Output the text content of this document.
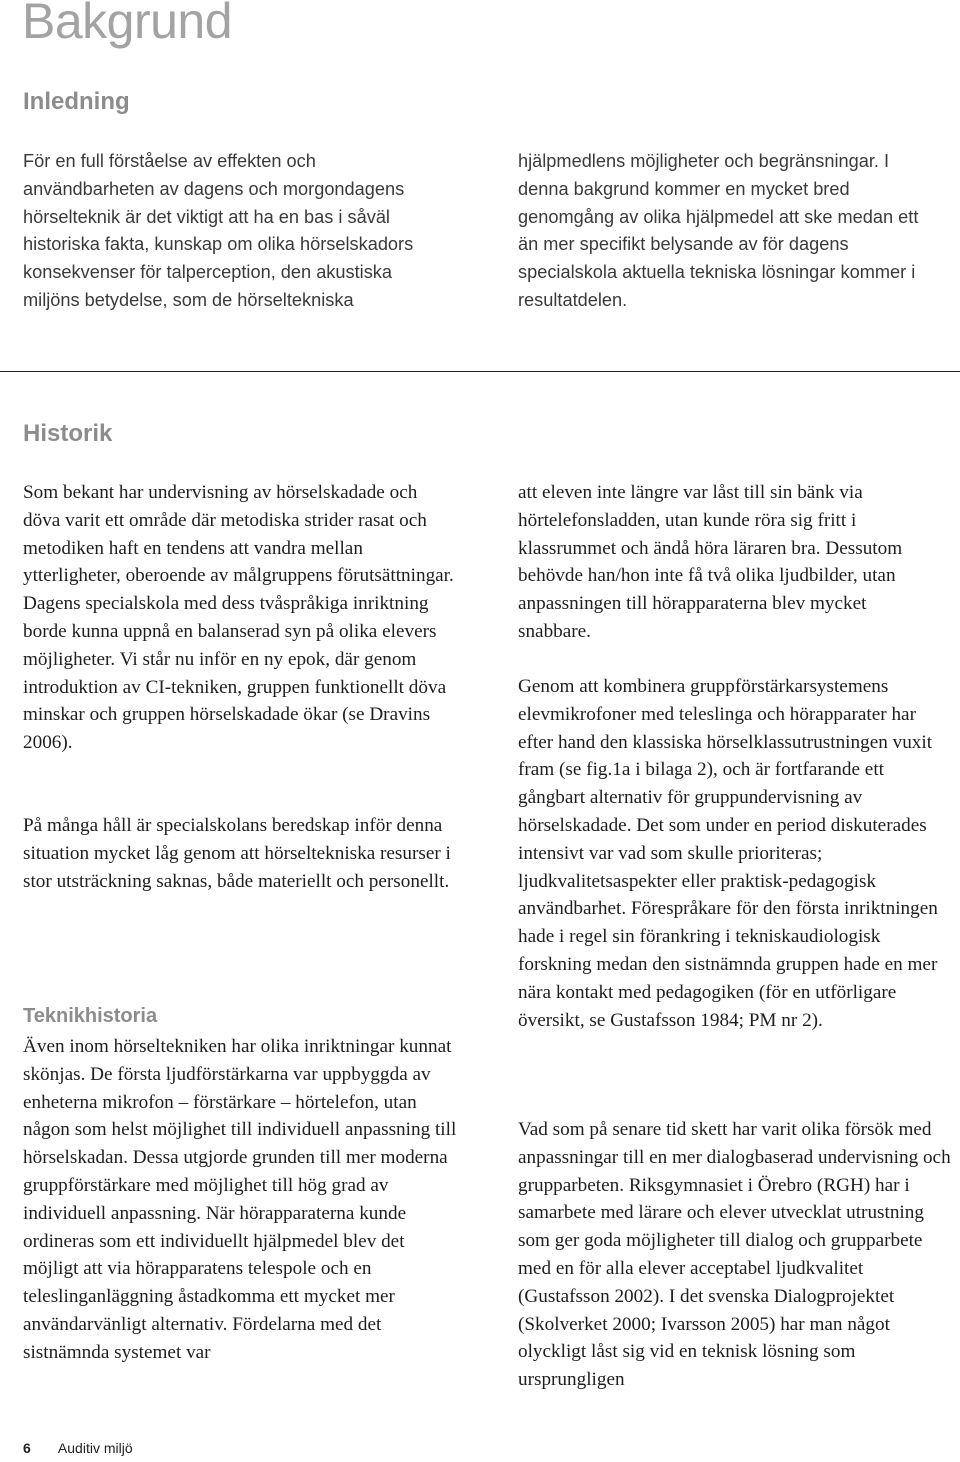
Bakgrund
Inledning

För en full förståelse av effekten och användbarheten av dagens och morgondagens hörselteknik är det viktigt att ha en bas i såväl historiska fakta, kunskap om olika hörselskadors konsekvenser för talperception, den akustiska miljöns betydelse, som de hörseltekniska

hjälpmedlens möjligheter och begränsningar. I denna bakgrund kommer en mycket bred genomgång av olika hjälpmedel att ske medan ett än mer specifikt belysande av för dagens specialskola aktuella tekniska lösningar kommer i resultatdelen.

Historik

Som bekant har undervisning av hörselskadade och döva varit ett område där metodiska strider rasat och metodiken haft en tendens att vandra mellan ytterligheter, oberoende av målgruppens förutsättningar. Dagens specialskola med dess tvåspråkiga inriktning borde kunna uppnå en balanserad syn på olika elevers möjligheter. Vi står nu inför en ny epok, där genom introduktion av CI-tekniken, gruppen funktionellt döva minskar och gruppen hörselskadade ökar (se Dravins 2006).

På många håll är specialskolans beredskap inför denna situation mycket låg genom att hörseltekniska resurser i stor utsträckning saknas, både materiellt och personellt.

Teknikhistoria

Även inom hörseltekniken har olika inriktningar kunnat skönjas. De första ljudförstärkarna var uppbyggda av enheterna mikrofon – förstärkare – hörtelefon, utan någon som helst möjlighet till individuell anpassning till hörselskadan. Dessa utgjorde grunden till mer moderna gruppförstärkare med möjlighet till hög grad av individuell anpassning. När hörapparaterna kunde ordineras som ett individuellt hjälpmedel blev det möjligt att via hörapparatens telespole och en teleslinganläggning åstadkomma ett mycket mer användarvänligt alternativ. Fördelarna med det sistnämnda systemet var

att eleven inte längre var låst till sin bänk via hörtelefonsladden, utan kunde röra sig fritt i klassrummet och ändå höra läraren bra. Dessutom behövde han/hon inte få två olika ljudbilder, utan anpassningen till hörapparaterna blev mycket snabbare.

Genom att kombinera gruppförstärkarsystemens elevmikrofoner med teleslinga och hörapparater har efter hand den klassiska hörselklassutrustningen vuxit fram (se fig.1a i bilaga 2), och är fortfarande ett gångbart alternativ för gruppundervisning av hörselskadade. Det som under en period diskuterades intensivt var vad som skulle prioriteras; ljudkvalitetsaspekter eller praktisk-pedagogisk användbarhet. Förespråkare för den första inriktningen hade i regel sin förankring i tekniskaudiologisk forskning medan den sistnämnda gruppen hade en mer nära kontakt med pedagogiken (för en utförligare översikt, se Gustafsson 1984; PM nr 2).

Vad som på senare tid skett har varit olika försök med anpassningar till en mer dialogbaserad undervisning och grupparbeten. Riksgymnasiet i Örebro (RGH) har i samarbete med lärare och elever utvecklat utrustning som ger goda möjligheter till dialog och grupparbete med en för alla elever acceptabel ljudkvalitet (Gustafsson 2002). I det svenska Dialogprojektet (Skolverket 2000; Ivarsson 2005) har man något olyckligt låst sig vid en teknisk lösning som ursprungligen

6 Auditiv miljö
